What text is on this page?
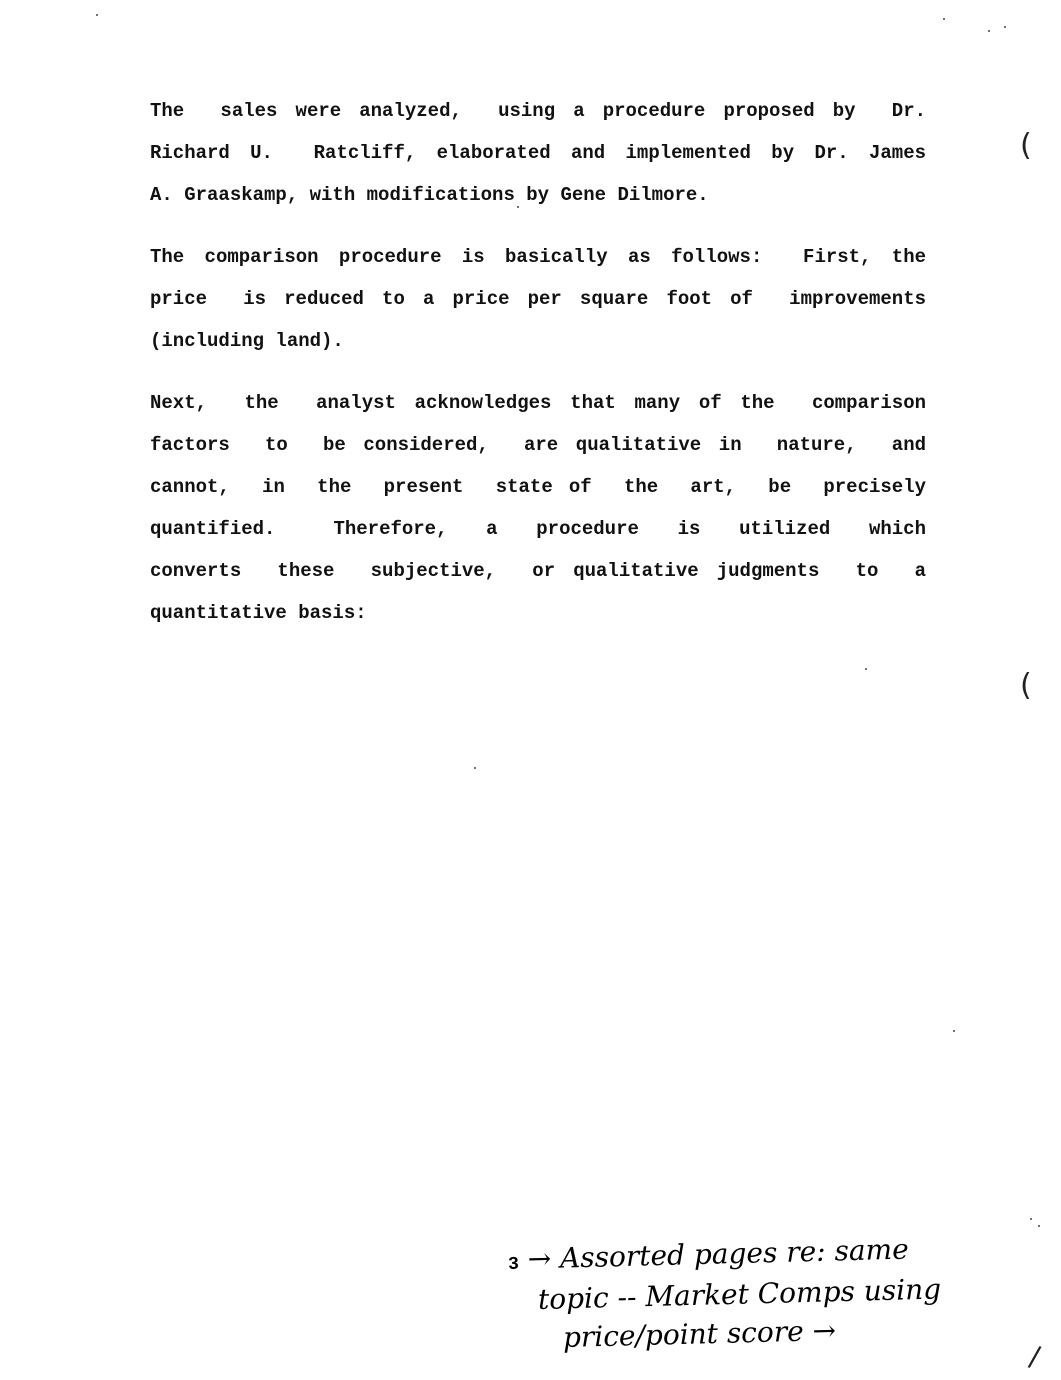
The  sales were analyzed,  using a procedure proposed by  Dr.
Richard U.  Ratcliff, elaborated and implemented by Dr. James
A. Graaskamp, with modifications by Gene Dilmore.
The comparison procedure is basically as follows:  First, the
price  is reduced to a price per square foot of  improvements
(including land).
Next,  the  analyst acknowledges that many of the  comparison
factors  to  be considered,  are qualitative in  nature,  and
cannot,  in  the  present  state of  the  art,  be  precisely
quantified.   Therefore,  a  procedure  is  utilized  which
converts  these  subjective,  or qualitative judgments  to  a
quantitative basis:
(
(
/
3 → Assorted pages re: same
topic -- Market Comps using
price/point score →
